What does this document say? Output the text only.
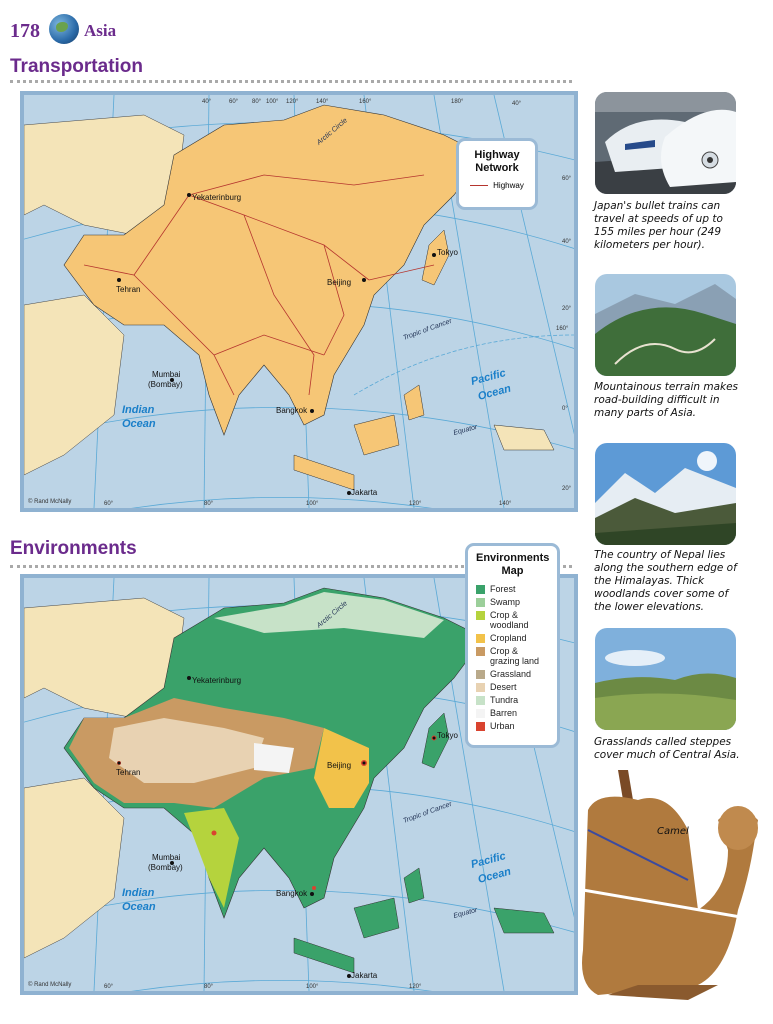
178	Asia
Transportation
Yekaterinburg
Tehran
Beijing
Tokyo
Mumbai
(Bombay)
Bangkok
Jakarta
Arctic Circle
Tropic of Cancer
Equator
Indian
Ocean
Pacific
Ocean
40°	60° 80° 100° 120°	140°	160°	180°	40°
60°	80°	100°	120°	140°
60°
40°
20°
160°
0°
20°
© Rand McNally
Highway Network
Highway
Environments
Yekaterinburg
Tehran
Beijing
Tokyo
Mumbai
(Bombay)
Bangkok
Jakarta
Arctic Circle
Tropic of Cancer
Equator
Indian
Ocean
Pacific
Ocean
60°	80°	100°	120°
© Rand McNally
Environments Map
Forest
Swamp
Crop & woodland
Cropland
Crop & grazing land
Grassland
Desert
Tundra
Barren
Urban
Japan's bullet trains can travel at speeds of up to 155 miles per hour (249 kilometers per hour).
Mountainous terrain makes road-building difficult in many parts of Asia.
The country of Nepal lies along the southern edge of the Himalayas. Thick woodlands cover some of the lower elevations.
Grasslands called steppes cover much of Central Asia.
Camel
